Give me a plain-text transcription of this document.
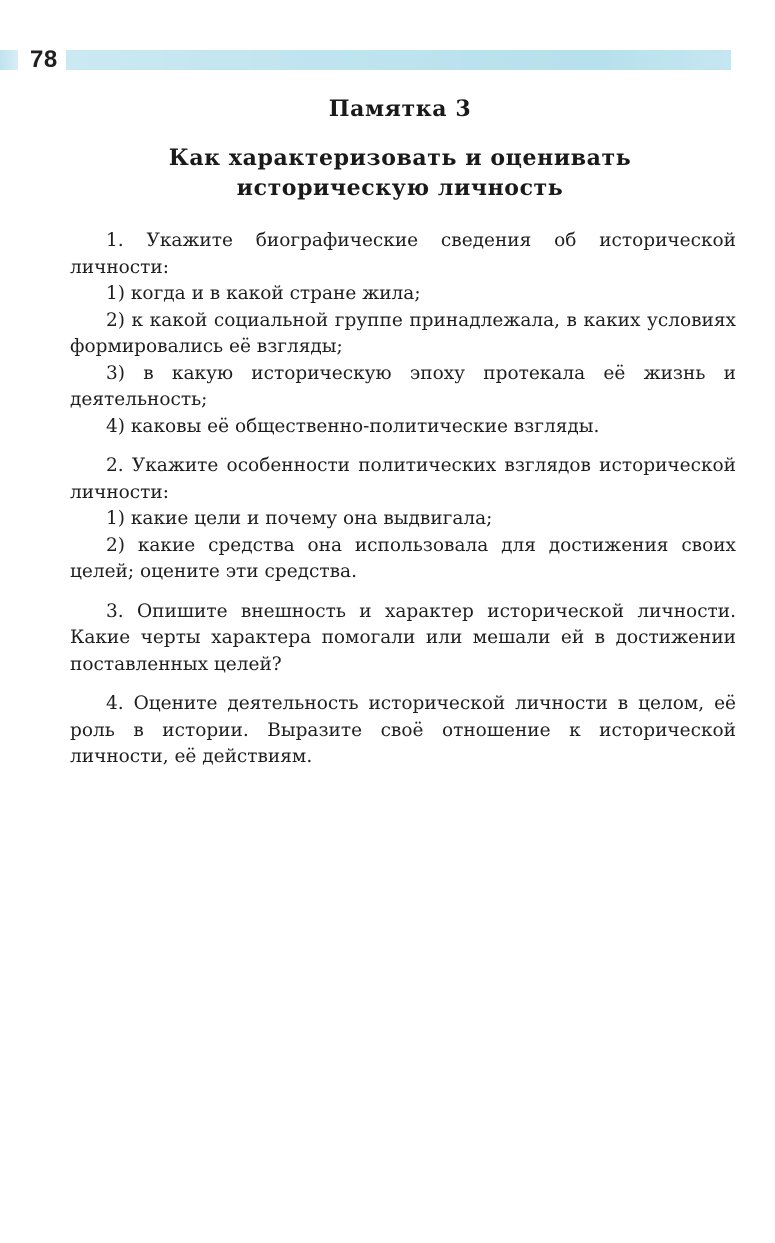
78
Памятка 3
Как характеризовать и оценивать
историческую личность

1. Укажите биографические сведения об исторической личности:

1) когда и в какой стране жила;

2) к какой социальной группе принадлежала, в каких условиях формировались её взгляды;

3) в какую историческую эпоху протекала её жизнь и деятельность;

4) каковы её общественно-политические взгляды.

2. Укажите особенности политических взглядов исторической личности:

1) какие цели и почему она выдвигала;

2) какие средства она использовала для достижения своих целей; оцените эти средства.

3. Опишите внешность и характер исторической личности. Какие черты характера помогали или мешали ей в достижении поставленных целей?

4. Оцените деятельность исторической личности в целом, её роль в истории. Выразите своё отношение к исторической личности, её действиям.
